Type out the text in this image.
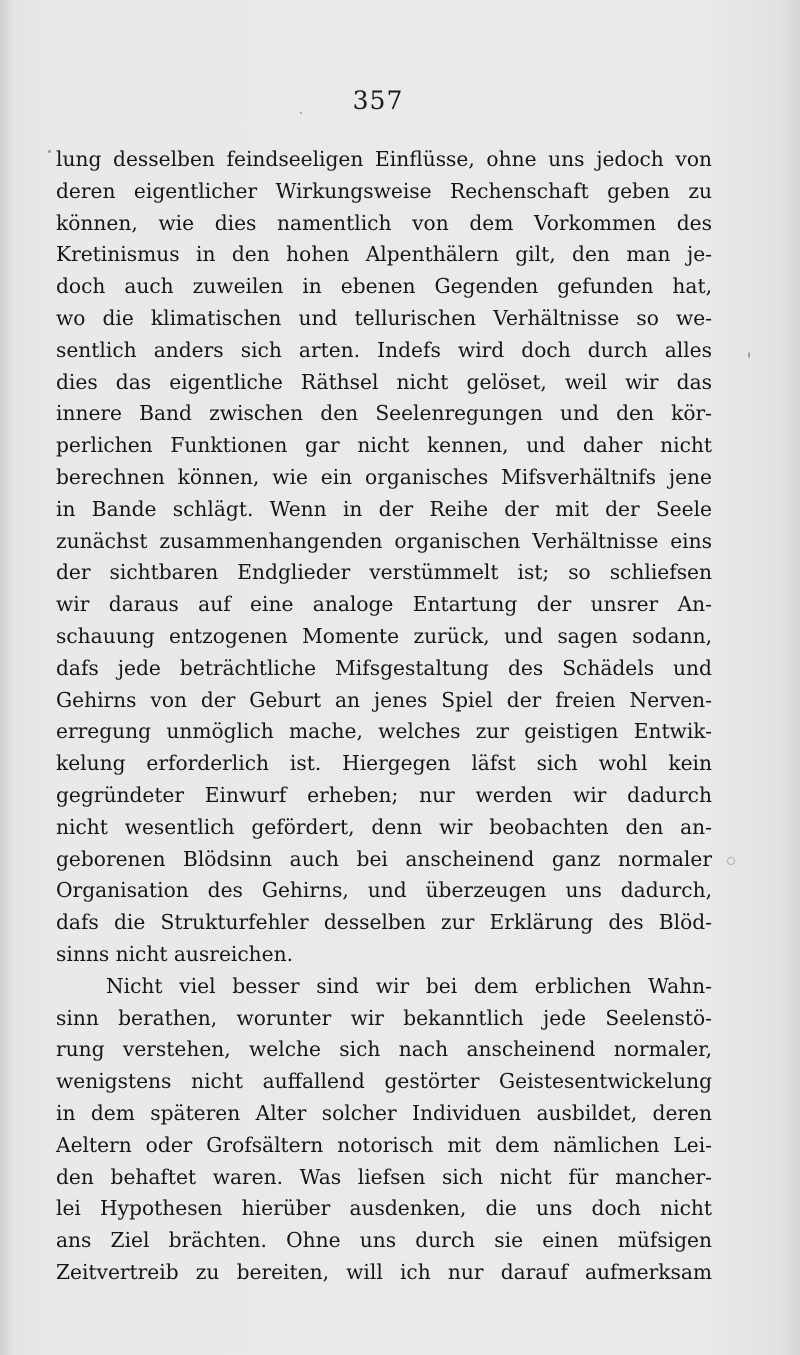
357
lung desselben feindseeligen Einflüsse, ohne uns jedoch von
deren eigentlicher Wirkungsweise Rechenschaft geben zu
können, wie dies namentlich von dem Vorkommen des
Kretinismus in den hohen Alpenthälern gilt, den man je-
doch auch zuweilen in ebenen Gegenden gefunden hat,
wo die klimatischen und tellurischen Verhältnisse so we-
sentlich anders sich arten. Indefs wird doch durch alles
dies das eigentliche Räthsel nicht gelöset, weil wir das
innere Band zwischen den Seelenregungen und den kör-
perlichen Funktionen gar nicht kennen, und daher nicht
berechnen können, wie ein organisches Mifsverhältnifs jene
in Bande schlägt. Wenn in der Reihe der mit der Seele
zunächst zusammenhangenden organischen Verhältnisse eins
der sichtbaren Endglieder verstümmelt ist; so schliefsen
wir daraus auf eine analoge Entartung der unsrer An-
schauung entzogenen Momente zurück, und sagen sodann,
dafs jede beträchtliche Mifsgestaltung des Schädels und
Gehirns von der Geburt an jenes Spiel der freien Nerven-
erregung unmöglich mache, welches zur geistigen Entwik-
kelung erforderlich ist. Hiergegen läfst sich wohl kein
gegründeter Einwurf erheben; nur werden wir dadurch
nicht wesentlich gefördert, denn wir beobachten den an-
geborenen Blödsinn auch bei anscheinend ganz normaler
Organisation des Gehirns, und überzeugen uns dadurch,
dafs die Strukturfehler desselben zur Erklärung des Blöd-
sinns nicht ausreichen.
Nicht viel besser sind wir bei dem erblichen Wahn-
sinn berathen, worunter wir bekanntlich jede Seelenstö-
rung verstehen, welche sich nach anscheinend normaler,
wenigstens nicht auffallend gestörter Geistesentwickelung
in dem späteren Alter solcher Individuen ausbildet, deren
Aeltern oder Grofsältern notorisch mit dem nämlichen Lei-
den behaftet waren. Was liefsen sich nicht für mancher-
lei Hypothesen hierüber ausdenken, die uns doch nicht
ans Ziel brächten. Ohne uns durch sie einen müfsigen
Zeitvertreib zu bereiten, will ich nur darauf aufmerksam
